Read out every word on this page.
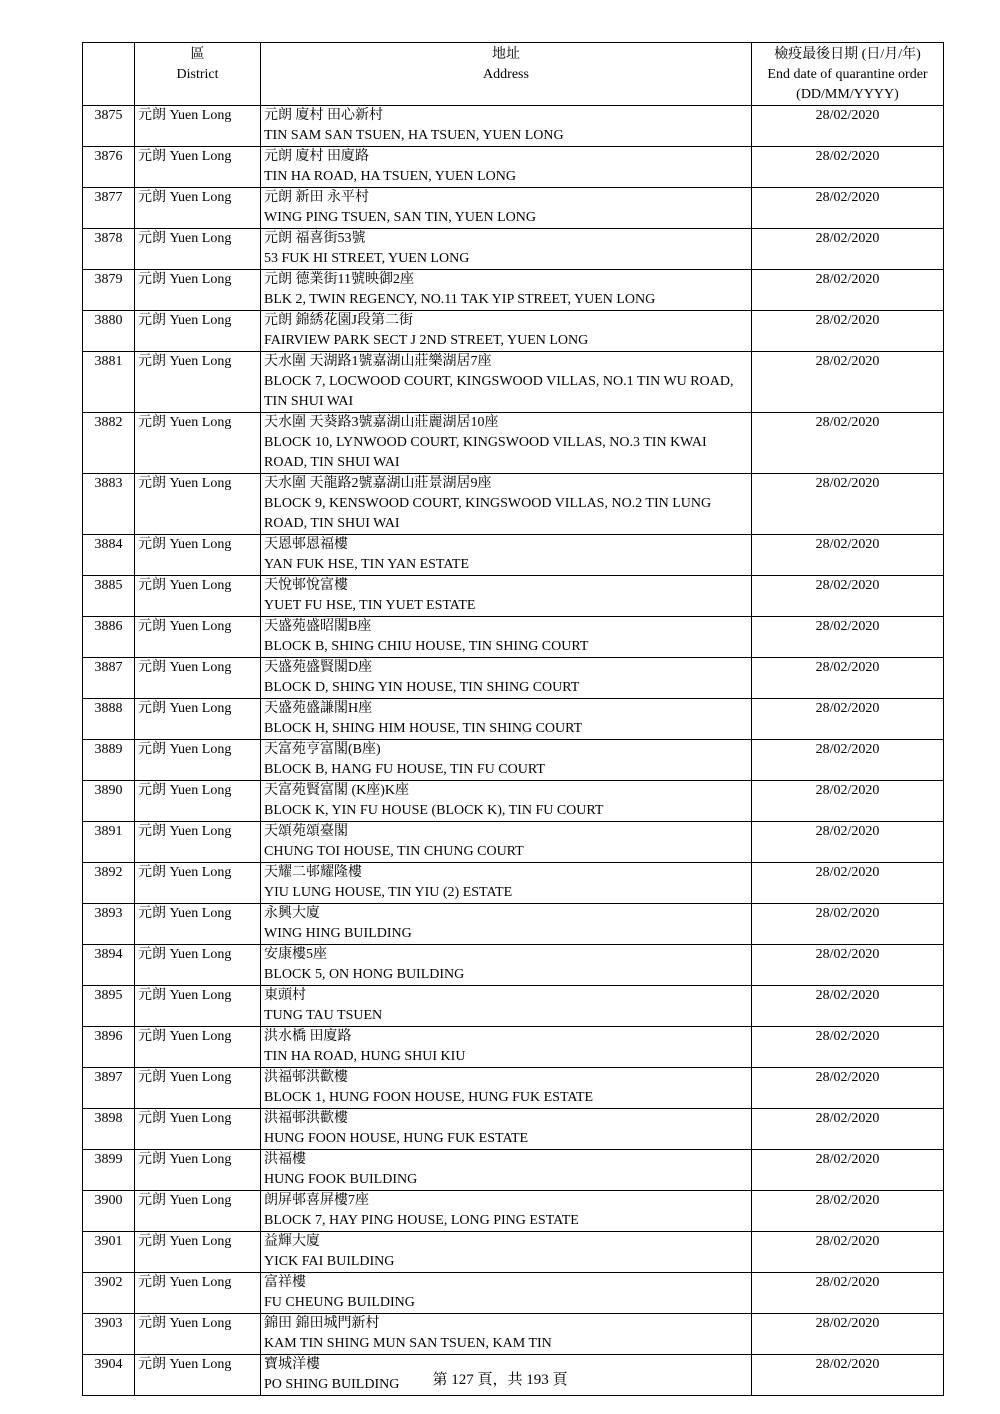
	區
District	地址
Address	檢疫最後日期 (日/月/年)
End date of quarantine order
(DD/MM/YYYY)

3875	元朗 Yuen Long	元朗 廈村 田心新村
TIN SAM SAN TSUEN, HA TSUEN, YUEN LONG	28/02/2020
3876	元朗 Yuen Long	元朗 廈村 田廈路
TIN HA ROAD, HA TSUEN, YUEN LONG	28/02/2020
3877	元朗 Yuen Long	元朗 新田 永平村
WING PING TSUEN, SAN TIN, YUEN LONG	28/02/2020
3878	元朗 Yuen Long	元朗 福喜街53號
53 FUK HI STREET, YUEN LONG	28/02/2020
3879	元朗 Yuen Long	元朗 德業街11號映御2座
BLK 2, TWIN REGENCY, NO.11 TAK YIP STREET, YUEN LONG	28/02/2020
3880	元朗 Yuen Long	元朗 錦綉花園J段第二街
FAIRVIEW PARK SECT J 2ND STREET, YUEN LONG	28/02/2020
3881	元朗 Yuen Long	天水圍 天湖路1號嘉湖山莊樂湖居7座
BLOCK 7, LOCWOOD COURT, KINGSWOOD VILLAS, NO.1 TIN WU ROAD, TIN SHUI WAI	28/02/2020
3882	元朗 Yuen Long	天水圍 天葵路3號嘉湖山莊麗湖居10座
BLOCK 10, LYNWOOD COURT, KINGSWOOD VILLAS, NO.3 TIN KWAI ROAD, TIN SHUI WAI	28/02/2020
3883	元朗 Yuen Long	天水圍 天龍路2號嘉湖山莊景湖居9座
BLOCK 9, KENSWOOD COURT, KINGSWOOD VILLAS, NO.2 TIN LUNG ROAD, TIN SHUI WAI	28/02/2020
3884	元朗 Yuen Long	天恩邨恩福樓
YAN FUK HSE, TIN YAN ESTATE	28/02/2020
3885	元朗 Yuen Long	天悅邨悅富樓
YUET FU HSE, TIN YUET ESTATE	28/02/2020
3886	元朗 Yuen Long	天盛苑盛昭閣B座
BLOCK B, SHING CHIU HOUSE, TIN SHING COURT	28/02/2020
3887	元朗 Yuen Long	天盛苑盛賢閣D座
BLOCK D, SHING YIN HOUSE, TIN SHING COURT	28/02/2020
3888	元朗 Yuen Long	天盛苑盛謙閣H座
BLOCK H, SHING HIM HOUSE, TIN SHING COURT	28/02/2020
3889	元朗 Yuen Long	天富苑亨富閣(B座)
BLOCK B, HANG FU HOUSE, TIN FU COURT	28/02/2020
3890	元朗 Yuen Long	天富苑賢富閣 (K座)K座
BLOCK K, YIN FU HOUSE (BLOCK K), TIN FU COURT	28/02/2020
3891	元朗 Yuen Long	天頌苑頌臺閣
CHUNG TOI HOUSE, TIN CHUNG COURT	28/02/2020
3892	元朗 Yuen Long	天耀二邨耀隆樓
YIU LUNG HOUSE, TIN YIU (2) ESTATE	28/02/2020
3893	元朗 Yuen Long	永興大廈
WING HING BUILDING	28/02/2020
3894	元朗 Yuen Long	安康樓5座
BLOCK 5, ON HONG BUILDING	28/02/2020
3895	元朗 Yuen Long	東頭村
TUNG TAU TSUEN	28/02/2020
3896	元朗 Yuen Long	洪水橋 田廈路
TIN HA ROAD, HUNG SHUI KIU	28/02/2020
3897	元朗 Yuen Long	洪福邨洪歡樓
BLOCK 1, HUNG FOON HOUSE, HUNG FUK ESTATE	28/02/2020
3898	元朗 Yuen Long	洪福邨洪歡樓
HUNG FOON HOUSE, HUNG FUK ESTATE	28/02/2020
3899	元朗 Yuen Long	洪福樓
HUNG FOOK BUILDING	28/02/2020
3900	元朗 Yuen Long	朗屏邨喜屏樓7座
BLOCK 7, HAY PING HOUSE, LONG PING ESTATE	28/02/2020
3901	元朗 Yuen Long	益輝大廈
YICK FAI BUILDING	28/02/2020
3902	元朗 Yuen Long	富祥樓
FU CHEUNG BUILDING	28/02/2020
3903	元朗 Yuen Long	錦田 錦田城門新村
KAM TIN SHING MUN SAN TSUEN, KAM TIN	28/02/2020
3904	元朗 Yuen Long	寶城洋樓
PO SHING BUILDING	28/02/2020
第 127 頁，共 193 頁
